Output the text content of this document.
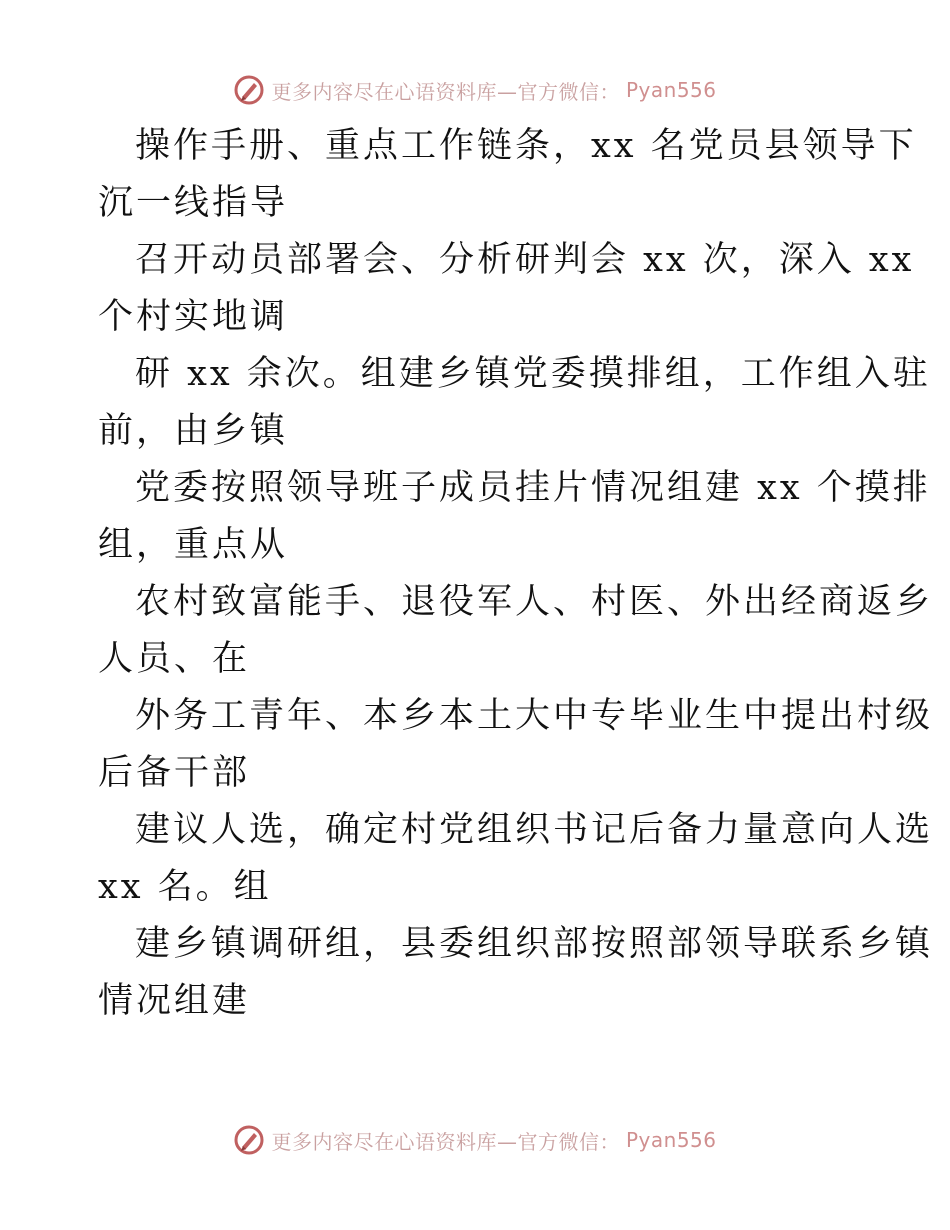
更多内容尽在心语资料库—官方微信： Pyan556

操作手册、重点工作链条，xx 名党员县领导下
沉一线指导

召开动员部署会、分析研判会 xx 次，深入 xx
个村实地调

研 xx 余次。组建乡镇党委摸排组，工作组入驻
前，由乡镇

党委按照领导班子成员挂片情况组建 xx 个摸排
组，重点从

农村致富能手、退役军人、村医、外出经商返乡
人员、在

外务工青年、本乡本土大中专毕业生中提出村级
后备干部

建议人选，确定村党组织书记后备力量意向人选
xx 名。组

建乡镇调研组，县委组织部按照部领导联系乡镇
情况组建

更多内容尽在心语资料库—官方微信： Pyan556
